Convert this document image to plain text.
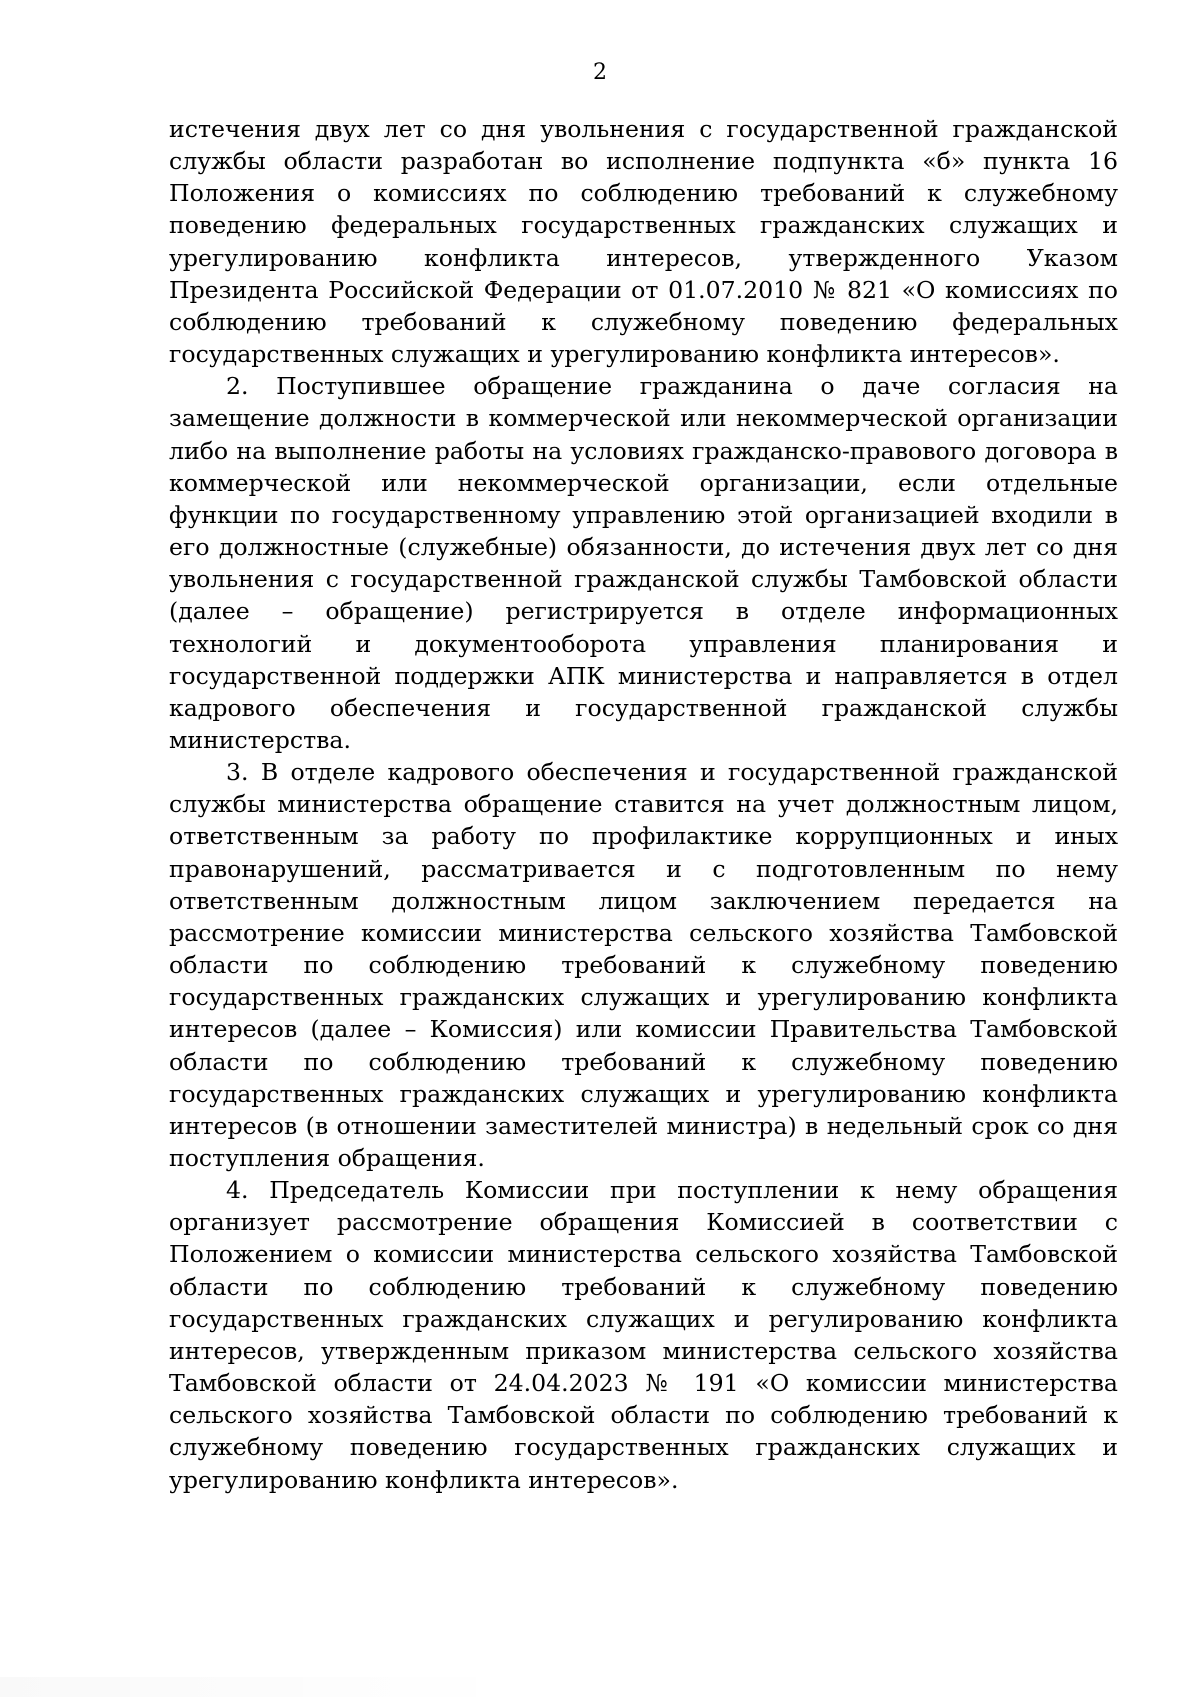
2

истечения двух лет со дня увольнения с государственной гражданской службы области разработан во исполнение подпункта «б» пункта 16 Положения о комиссиях по соблюдению требований к служебному поведению федеральных государственных гражданских служащих и урегулированию конфликта интересов, утвержденного Указом Президента Российской Федерации от 01.07.2010 № 821 «О комиссиях по соблюдению требований к служебному поведению федеральных государственных служащих и урегулированию конфликта интересов».

2. Поступившее обращение гражданина о даче согласия на замещение должности в коммерческой или некоммерческой организации либо на выполнение работы на условиях гражданско-правового договора в коммерческой или некоммерческой организации, если отдельные функции по государственному управлению этой организацией входили в его должностные (служебные) обязанности, до истечения двух лет со дня увольнения с государственной гражданской службы Тамбовской области (далее – обращение) регистрируется в отделе информационных технологий и документооборота управления планирования и государственной поддержки АПК министерства и направляется в отдел кадрового обеспечения и государственной гражданской службы министерства.

3. В отделе кадрового обеспечения и государственной гражданской службы министерства обращение ставится на учет должностным лицом, ответственным за работу по профилактике коррупционных и иных правонарушений, рассматривается и с подготовленным по нему ответственным должностным лицом заключением передается на рассмотрение комиссии министерства сельского хозяйства Тамбовской области по соблюдению требований к служебному поведению государственных гражданских служащих и урегулированию конфликта интересов (далее – Комиссия) или комиссии Правительства Тамбовской области по соблюдению требований к служебному поведению государственных гражданских служащих и урегулированию конфликта интересов (в отношении заместителей министра) в недельный срок со дня поступления обращения.

4. Председатель Комиссии при поступлении к нему обращения организует рассмотрение обращения Комиссией в соответствии с Положением о комиссии министерства сельского хозяйства Тамбовской области по соблюдению требований к служебному поведению государственных гражданских служащих и регулированию конфликта интересов, утвержденным приказом министерства сельского хозяйства Тамбовской области от 24.04.2023 № 191 «О комиссии министерства сельского хозяйства Тамбовской области по соблюдению требований к служебному поведению государственных гражданских служащих и урегулированию конфликта интересов».
